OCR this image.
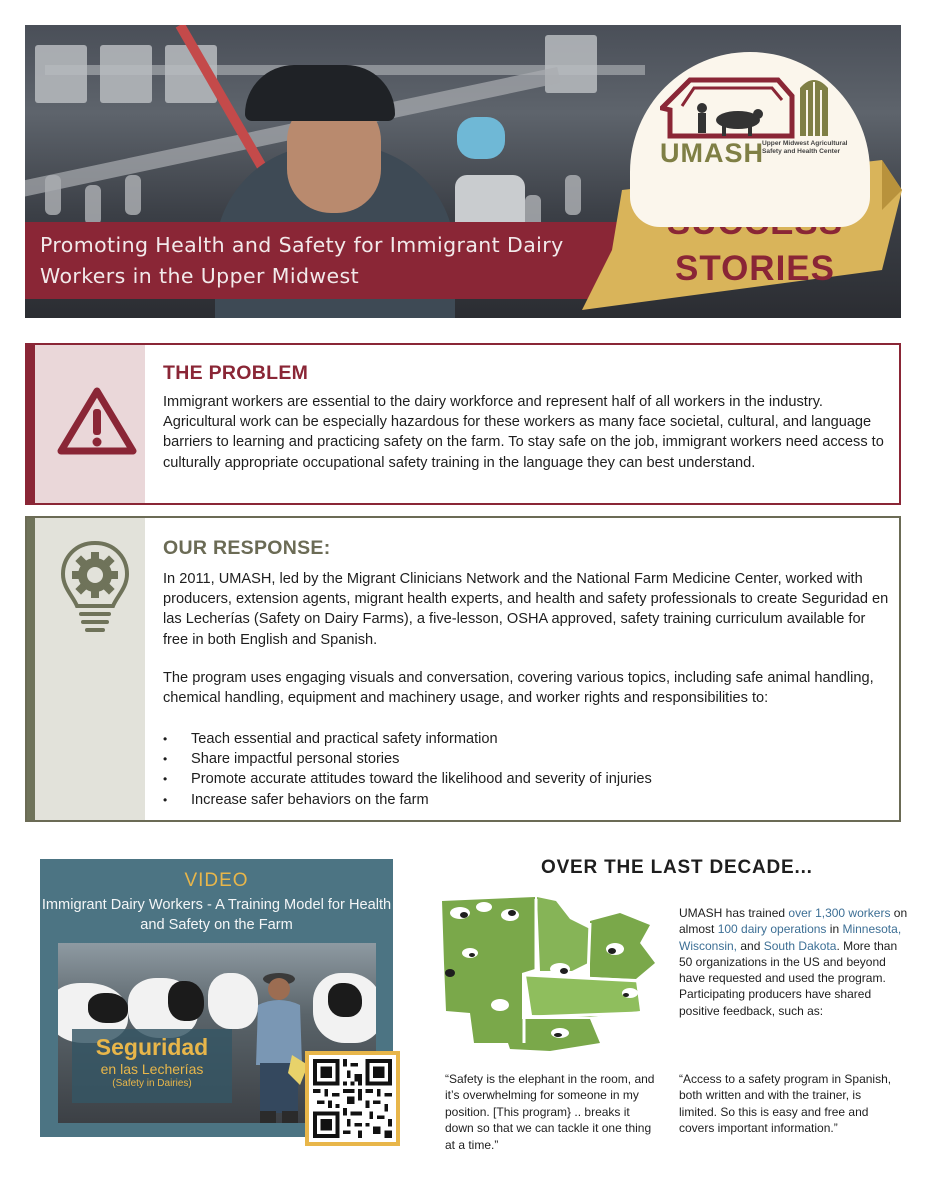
Promoting Health and Safety for Immigrant Dairy Workers in the Upper Midwest	STORIES
UMASH
Upper Midwest Agricultural Safety and Health Center
THE PROBLEM

Immigrant workers are essential to the dairy workforce and represent half of all workers in the industry. Agricultural work can be especially hazardous for these workers as many face societal, cultural, and language barriers to learning and practicing safety on the farm. To stay safe on the job, immigrant workers need access to culturally appropriate occupational safety training in the language they can best understand.

OUR RESPONSE:

In 2011, UMASH, led by the Migrant Clinicians Network and the National Farm Medicine Center, worked with producers, extension agents, migrant health experts, and health and safety professionals to create Seguridad en las Lecherías (Safety on Dairy Farms), a five-lesson, OSHA approved, safety training curriculum available for free in both English and Spanish.

The program uses engaging visuals and conversation, covering various topics, including safe animal handling, chemical handling, equipment and machinery usage, and worker rights and responsibilities to:

• Teach essential and practical safety information
• Share impactful personal stories
• Promote accurate attitudes toward the likelihood and severity of injuries
• Increase safer behaviors on the farm
VIDEO
Immigrant Dairy Workers - A Training Model for Health and Safety on the Farm
Seguridad
en las Lecherías
(Safety in Dairies)
OVER THE LAST DECADE...

UMASH has trained over 1,300 workers on almost 100 dairy operations in Minnesota, Wisconsin, and South Dakota. More than 50 organizations in the US and beyond have requested and used the program. Participating producers have shared positive feedback, such as:

“Safety is the elephant in the room, and it’s overwhelming for someone in my position. [This program} .. breaks it down so that we can tackle it one thing at a time.”

“Access to a safety program in Spanish, both written and with the trainer, is limited. So this is easy and free and covers important information.”
